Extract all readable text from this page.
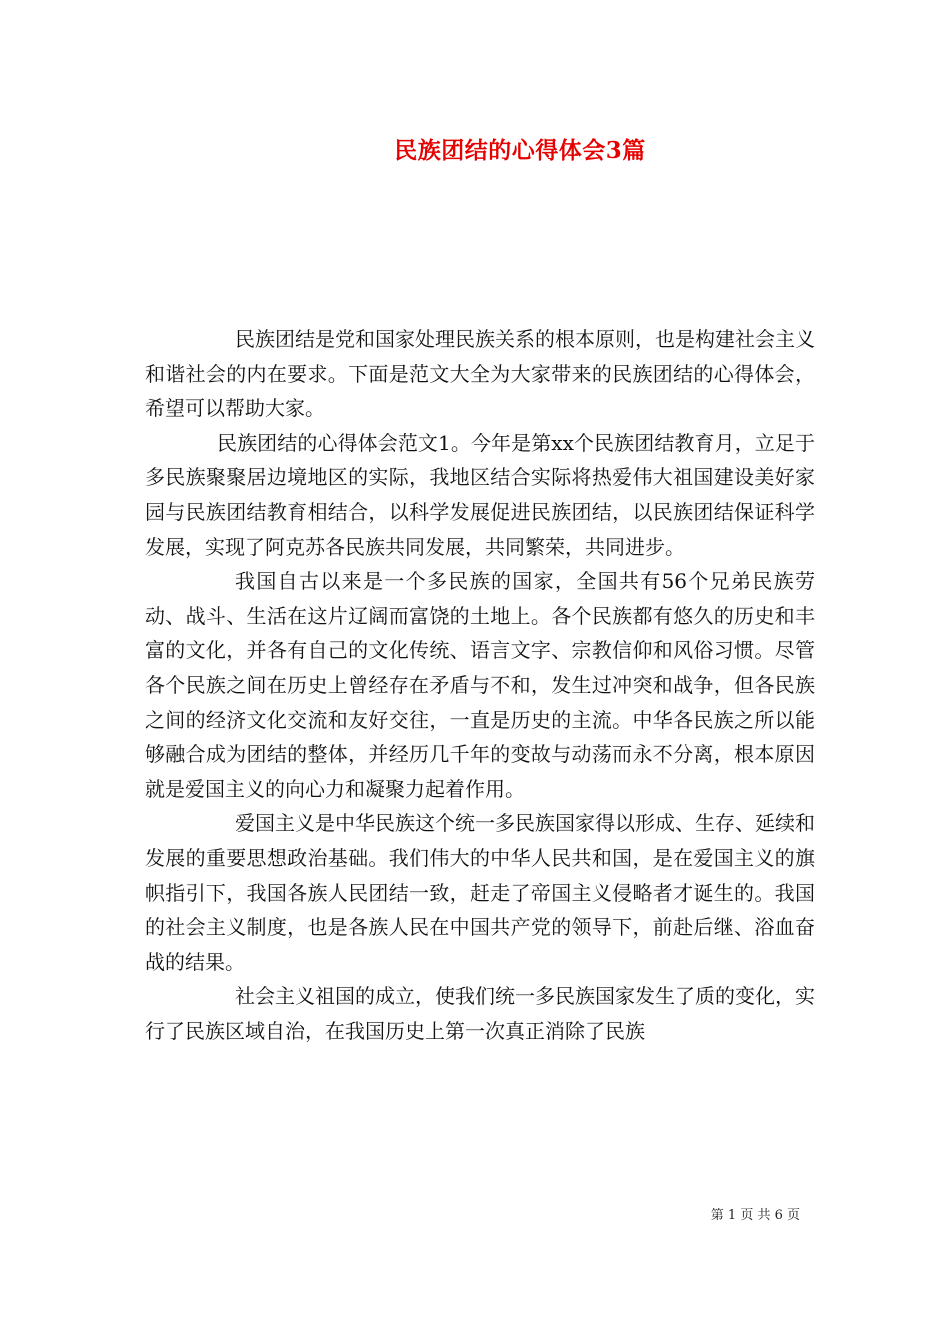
民族团结的心得体会3篇

民族团结是党和国家处理民族关系的根本原则，也是构建社会主义和谐社会的内在要求。下面是范文大全为大家带来的民族团结的心得体会，希望可以帮助大家。

民族团结的心得体会范文1。今年是第xx个民族团结教育月，立足于多民族聚聚居边境地区的实际，我地区结合实际将热爱伟大祖国建设美好家园与民族团结教育相结合，以科学发展促进民族团结，以民族团结保证科学发展，实现了阿克苏各民族共同发展，共同繁荣，共同进步。

我国自古以来是一个多民族的国家，全国共有56个兄弟民族劳动、战斗、生活在这片辽阔而富饶的土地上。各个民族都有悠久的历史和丰富的文化，并各有自己的文化传统、语言文字、宗教信仰和风俗习惯。尽管各个民族之间在历史上曾经存在矛盾与不和，发生过冲突和战争，但各民族之间的经济文化交流和友好交往，一直是历史的主流。中华各民族之所以能够融合成为团结的整体，并经历几千年的变故与动荡而永不分离，根本原因就是爱国主义的向心力和凝聚力起着作用。

爱国主义是中华民族这个统一多民族国家得以形成、生存、延续和发展的重要思想政治基础。我们伟大的中华人民共和国，是在爱国主义的旗帜指引下，我国各族人民团结一致，赶走了帝国主义侵略者才诞生的。我国的社会主义制度，也是各族人民在中国共产党的领导下，前赴后继、浴血奋战的结果。

社会主义祖国的成立，使我们统一多民族国家发生了质的变化，实行了民族区域自治，在我国历史上第一次真正消除了民族

第 1 页 共 6 页
